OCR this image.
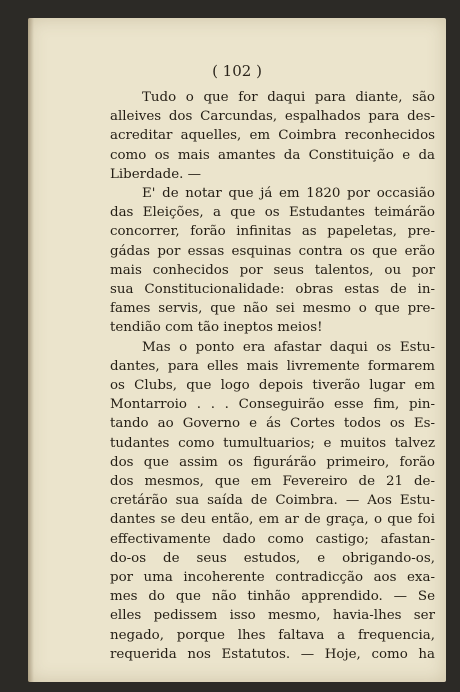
( 102 )
Tudo o que for daqui para diante, são
alleives dos Carcundas, espalhados para des-
acreditar aquelles, em Coimbra reconhecidos
como os mais amantes da Constituição e da
Liberdade. —
E' de notar que já em 1820 por occasião
das Eleições, a que os Estudantes teimárão
concorrer, forão infinitas as papeletas, pre-
gádas por essas esquinas contra os que erão
mais conhecidos por seus talentos, ou por
sua Constitucionalidade: obras estas de in-
fames servis, que não sei mesmo o que pre-
tendião com tão ineptos meios!
Mas o ponto era afastar daqui os Estu-
dantes, para elles mais livremente formarem
os Clubs, que logo depois tiverão lugar em
Montarroio . . . Conseguirão esse fim, pin-
tando ao Governo e ás Cortes todos os Es-
tudantes como tumultuarios; e muitos talvez
dos que assim os figurárão primeiro, forão
dos mesmos, que em Fevereiro de 21 de-
cretárão sua saída de Coimbra. — Aos Estu-
dantes se deu então, em ar de graça, o que foi
effectivamente dado como castigo; afastan-
do-os de seus estudos, e obrigando-os,
por uma incoherente contradicção aos exa-
mes do que não tinhão apprendido. — Se
elles pedissem isso mesmo, havia-lhes ser
negado, porque lhes faltava a frequencia,
requerida nos Estatutos. — Hoje, como ha
